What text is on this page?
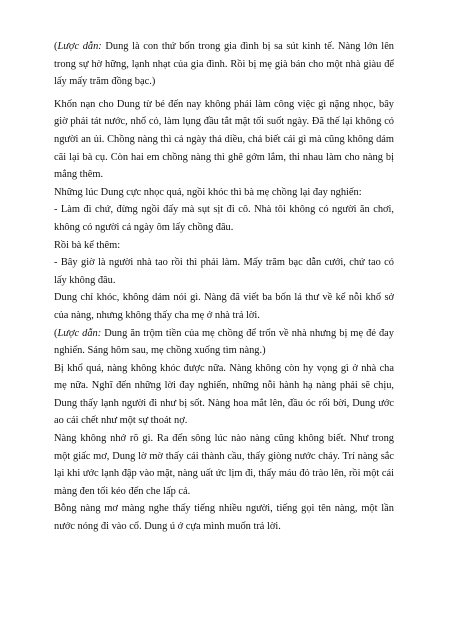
(Lược dẫn: Dung là con thứ bốn trong gia đình bị sa sút kinh tế. Nàng lớn lên trong sự hờ hững, lạnh nhạt của gia đình. Rồi bị mẹ già bán cho một nhà giàu để lấy mấy trăm đồng bạc.)

Khốn nạn cho Dung từ bé đến nay không phải làm công việc gì nặng nhọc, bây giờ phải tát nước, nhổ cỏ, làm lụng đầu tắt mặt tối suốt ngày. Đã thế lại không có người an ủi. Chồng nàng thì cả ngày thả diều, chả biết cái gì mà cũng không dám cãi lại bà cụ. Còn hai em chồng nàng thì ghê gớm lắm, thi nhau làm cho nàng bị mắng thêm.

Những lúc Dung cực nhọc quá, ngồi khóc thì bà mẹ chồng lại đay nghiến:

- Làm đi chứ, đừng ngồi đấy mà sụt sịt đi cô. Nhà tôi không có người ăn chơi, không có người cả ngày ôm lấy chồng đâu.

Rồi bà kể thêm:

- Bây giờ là người nhà tao rồi thì phải làm. Mấy trăm bạc dẫn cưới, chứ tao có lấy không đâu.

Dung chỉ khóc, không dám nói gì. Nàng đã viết ba bốn lá thư về kể nỗi khổ sở của nàng, nhưng không thấy cha mẹ ở nhà trả lời.

(Lược dẫn: Dung ăn trộm tiền của mẹ chồng để trốn về nhà nhưng bị mẹ đẻ đay nghiến. Sáng hôm sau, mẹ chồng xuống tìm nàng.)

Bị khổ quá, nàng không khóc được nữa. Nàng không còn hy vọng gì ở nhà cha mẹ nữa. Nghĩ đến những lời đay nghiến, những nỗi hành hạ nàng phải sẽ chịu, Dung thấy lạnh người đi như bị sốt. Nàng hoa mắt lên, đầu óc rối bời, Dung ước ao cái chết như một sự thoát nợ.

Nàng không nhớ rõ gì. Ra đến sông lúc nào nàng cũng không biết. Như trong một giấc mơ, Dung lờ mờ thấy cái thành cầu, thấy giòng nước chảy. Trí nàng sắc lại khi ước lạnh đập vào mặt, nàng uất ức lịm đi, thấy máu đỏ trào lên, rồi một cái màng đen tối kéo đến che lấp cả.

Bỗng nàng mơ màng nghe thấy tiếng nhiều người, tiếng gọi tên nàng, một lần nước nóng đi vào cổ. Dung ú ớ cựa mình muốn trả lời.
